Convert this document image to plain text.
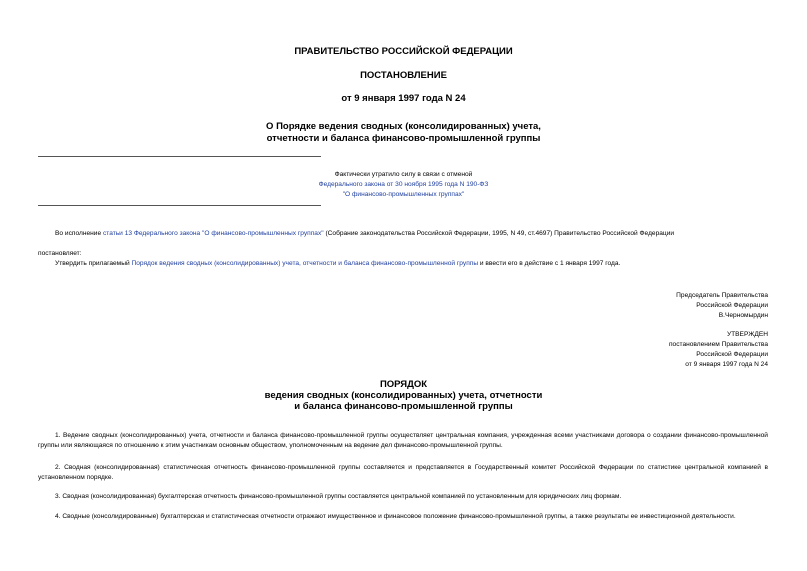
ПРАВИТЕЛЬСТВО РОССИЙСКОЙ ФЕДЕРАЦИИ
ПОСТАНОВЛЕНИЕ
от 9 января 1997 года N 24
О Порядке ведения сводных (консолидированных) учета,
отчетности и баланса финансово-промышленной группы
Фактически утратило силу в связи с отменой
Федерального закона от 30 ноября 1995 года N 190-ФЗ
"О финансово-промышленных группах"
Во исполнение статьи 13 Федерального закона "О финансово-промышленных группах" (Собрание законодательства Российской Федерации, 1995, N 49, ст.4697) Правительство Российской Федерации
постановляет:
Утвердить прилагаемый Порядок ведения сводных (консолидированных) учета, отчетности и баланса финансово-промышленной группы и ввести его в действие с 1 января 1997 года.
Председатель Правительства
Российской Федерации
В.Черномырдин
УТВЕРЖДЕН
постановлением Правительства
Российской Федерации
от 9 января 1997 года N 24
ПОРЯДОК
ведения сводных (консолидированных) учета, отчетности
и баланса финансово-промышленной группы
1. Ведение сводных (консолидированных) учета, отчетности и баланса финансово-промышленной группы осуществляет центральная компания, учрежденная всеми участниками договора о создании финансово-промышленной группы или являющаяся по отношению к этим участникам основным обществом, уполномоченным на ведение дел финансово-промышленной группы.
2. Сводная (консолидированная) статистическая отчетность финансово-промышленной группы составляется и представляется в Государственный комитет Российской Федерации по статистике центральной компанией в установленном порядке.
3. Сводная (консолидированная) бухгалтерская отчетность финансово-промышленной группы составляется центральной компанией по установленным для юридических лиц формам.
4. Сводные (консолидированные) бухгалтерская и статистическая отчетности отражают имущественное и финансовое положение финансово-промышленной группы, а также результаты ее инвестиционной деятельности.
